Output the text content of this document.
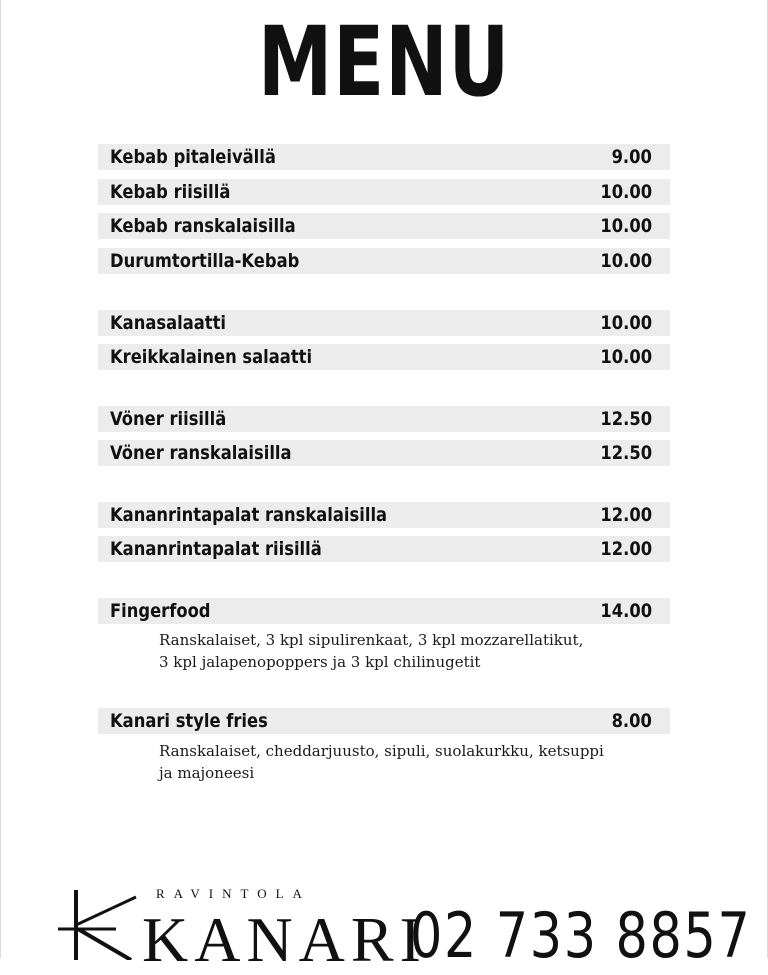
MENU
Kebab pitaleivällä	9.00
Kebab riisillä	10.00
Kebab ranskalaisilla	10.00
Durumtortilla-Kebab	10.00
Kanasalaatti	10.00
Kreikkalainen salaatti	10.00
Vöner riisillä	12.50
Vöner ranskalaisilla	12.50
Kananrintapalat ranskalaisilla	12.00
Kananrintapalat riisillä	12.00
Fingerfood	14.00
Ranskalaiset, 3 kpl sipulirenkaat, 3 kpl mozzarellatikut,
3 kpl jalapenopoppers ja 3 kpl chilinugetit
Kanari style fries	8.00
Ranskalaiset, cheddarjuusto, sipuli, suolakurkku, ketsuppi
ja majoneesi
RAVINTOLA
KANARI
02 733 8857
